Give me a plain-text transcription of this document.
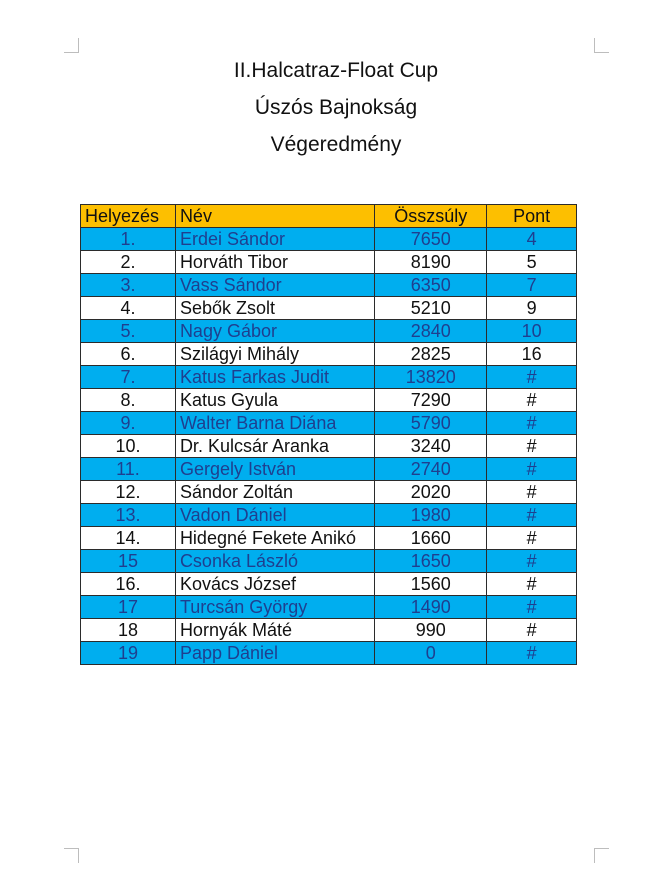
II.Halcatraz-Float Cup
Úszós Bajnokság
Végeredmény
Helyezés	Név	Összsúly	Pont
1.	Erdei Sándor	7650	4
2.	Horváth Tibor	8190	5
3.	Vass Sándor	6350	7
4.	Sebők Zsolt	5210	9
5.	Nagy Gábor	2840	10
6.	Szilágyi Mihály	2825	16
7.	Katus Farkas Judit	13820	#
8.	Katus Gyula	7290	#
9.	Walter Barna Diána	5790	#
10.	Dr. Kulcsár Aranka	3240	#
11.	Gergely István	2740	#
12.	Sándor Zoltán	2020	#
13.	Vadon Dániel	1980	#
14.	Hidegné Fekete Anikó	1660	#
15	Csonka László	1650	#
16.	Kovács József	1560	#
17	Turcsán György	1490	#
18	Hornyák Máté	990	#
19	Papp Dániel	0	#
